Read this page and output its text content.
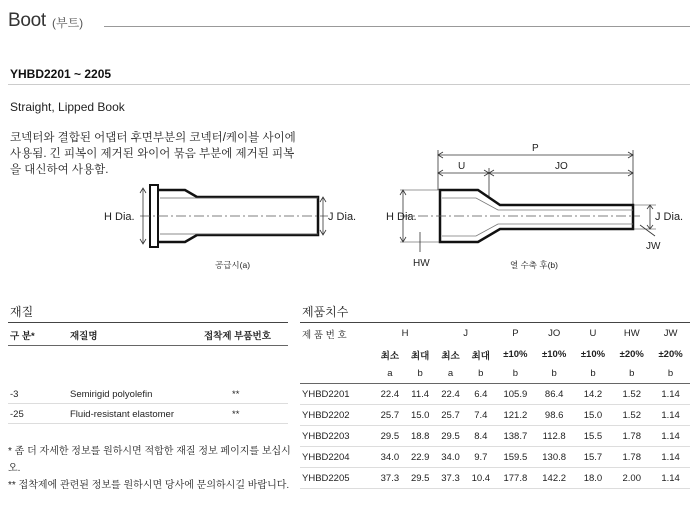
Boot (부트)
YHBD2201 ~ 2205
Straight, Lipped Book
코넥터와 결합된 어댑터 후면부분의 코넥터/케이블 사이에 사용됨. 긴 피복이 제거된 와이어 묶음 부분에 제거된 피복을 대신하여 사용함.
H Dia.	J Dia.
공급시(a)
P
U	JO
H Dia.
HW
J Dia.
JW
열 수축 후(b)
재질
구 분*	재질명	접착제 부품번호
-3	Semirigid polyolefin	**
-25	Fluid-resistant elastomer	**
제품치수
제 품 번 호	H		J		P	JO	U	HW	JW
	최소	최대	최소	최대	±10%	±10%	±10%	±20%	±20%
	a	b	a	b	b	b	b	b	b
YHBD2201	22.4	11.4	22.4	6.4	105.9	86.4	14.2	1.52	1.14
YHBD2202	25.7	15.0	25.7	7.4	121.2	98.6	15.0	1.52	1.14
YHBD2203	29.5	18.8	29.5	8.4	138.7	112.8	15.5	1.78	1.14
YHBD2204	34.0	22.9	34.0	9.7	159.5	130.8	15.7	1.78	1.14
YHBD2205	37.3	29.5	37.3	10.4	177.8	142.2	18.0	2.00	1.14
* 좀 더 자세한 정보를 원하시면 적합한 재질 정보 페이지를 보십시오.
** 접착제에 관련된 정보를 원하시면 당사에 문의하시길 바랍니다.
